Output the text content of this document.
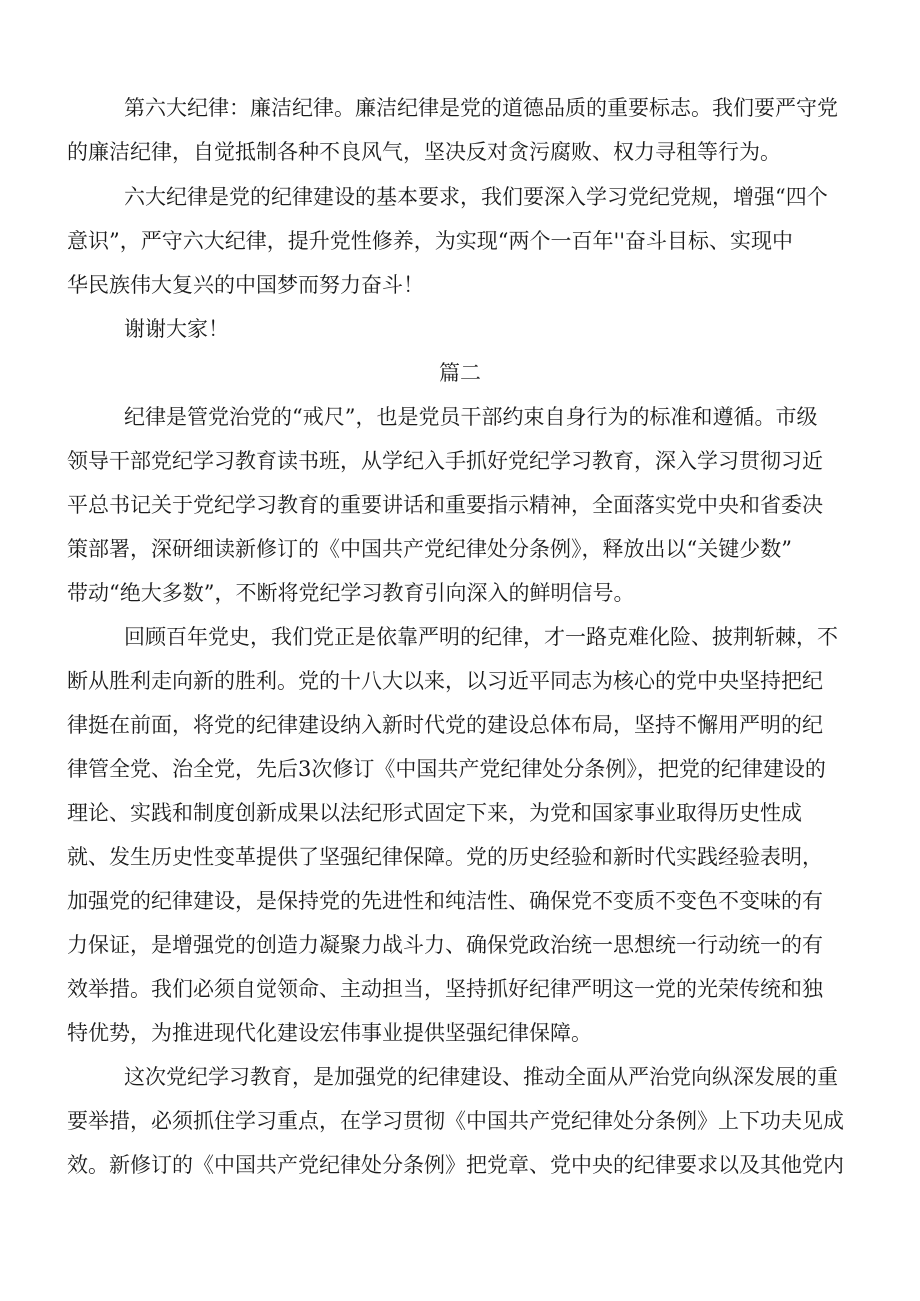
第六大纪律：廉洁纪律。廉洁纪律是党的道德品质的重要标志。我们要严守党
的廉洁纪律，自觉抵制各种不良风气，坚决反对贪污腐败、权力寻租等行为。
六大纪律是党的纪律建设的基本要求，我们要深入学习党纪党规，增强“四个
意识”，严守六大纪律，提升党性修养，为实现“两个一百年''奋斗目标、实现中
华民族伟大复兴的中国梦而努力奋斗！
谢谢大家！
篇二
纪律是管党治党的“戒尺”，也是党员干部约束自身行为的标准和遵循。市级
领导干部党纪学习教育读书班，从学纪入手抓好党纪学习教育，深入学习贯彻习近
平总书记关于党纪学习教育的重要讲话和重要指示精神，全面落实党中央和省委决
策部署，深研细读新修订的《中国共产党纪律处分条例》，释放出以“关键少数”
带动“绝大多数”，不断将党纪学习教育引向深入的鲜明信号。
回顾百年党史，我们党正是依靠严明的纪律，才一路克难化险、披荆斩棘，不
断从胜利走向新的胜利。党的十八大以来，以习近平同志为核心的党中央坚持把纪
律挺在前面，将党的纪律建设纳入新时代党的建设总体布局，坚持不懈用严明的纪
律管全党、治全党，先后3次修订《中国共产党纪律处分条例》，把党的纪律建设的
理论、实践和制度创新成果以法纪形式固定下来，为党和国家事业取得历史性成
就、发生历史性变革提供了坚强纪律保障。党的历史经验和新时代实践经验表明，
加强党的纪律建设，是保持党的先进性和纯洁性、确保党不变质不变色不变味的有
力保证，是增强党的创造力凝聚力战斗力、确保党政治统一思想统一行动统一的有
效举措。我们必须自觉领命、主动担当，坚持抓好纪律严明这一党的光荣传统和独
特优势，为推进现代化建设宏伟事业提供坚强纪律保障。
这次党纪学习教育，是加强党的纪律建设、推动全面从严治党向纵深发展的重
要举措，必须抓住学习重点，在学习贯彻《中国共产党纪律处分条例》上下功夫见成
效。新修订的《中国共产党纪律处分条例》把党章、党中央的纪律要求以及其他党内
